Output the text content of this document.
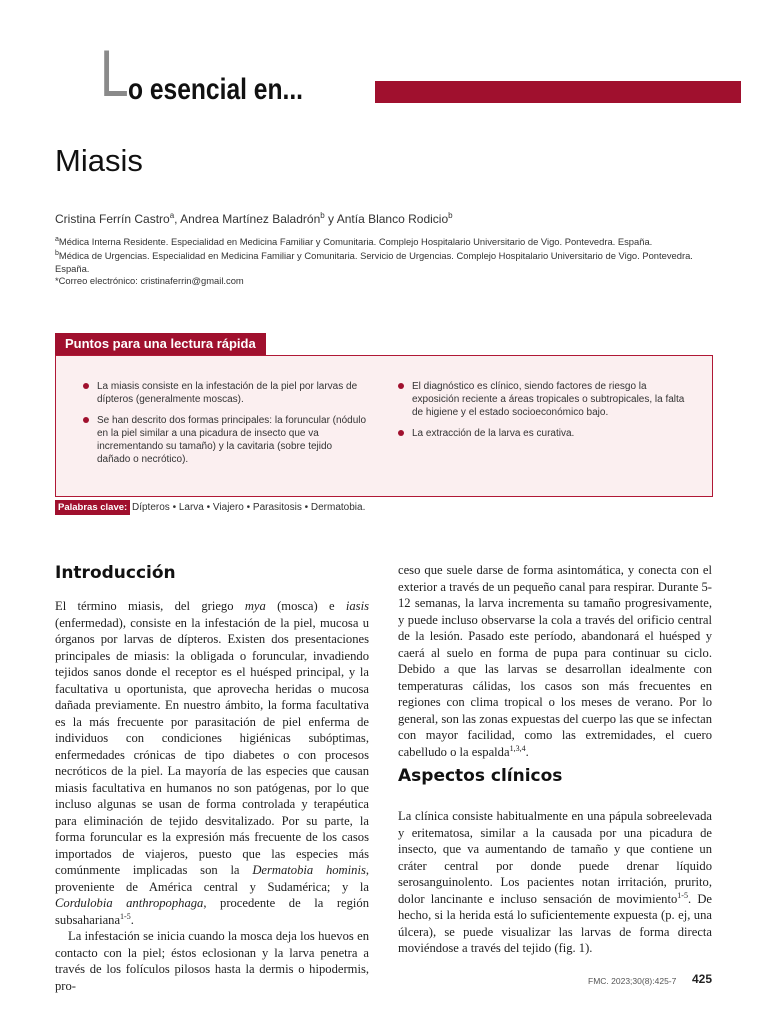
L o esencial en...
Miasis
Cristina Ferrín Castro$^a$, Andrea Martínez Baladrón$^b$ y Antía Blanco Rodicio$^b$
$^a$Médica Interna Residente. Especialidad en Medicina Familiar y Comunitaria. Complejo Hospitalario Universitario de Vigo. Pontevedra. España.
$^b$Médica de Urgencias. Especialidad en Medicina Familiar y Comunitaria. Servicio de Urgencias. Complejo Hospitalario Universitario de Vigo. Pontevedra. España.
*Correo electrónico: cristinaferrin@gmail.com
Puntos para una lectura rápida
La miasis consiste en la infestación de la piel por larvas de dípteros (generalmente moscas).
Se han descrito dos formas principales: la foruncular (nódulo en la piel similar a una picadura de insecto que va incrementando su tamaño) y la cavitaria (sobre tejido dañado o necrótico).
El diagnóstico es clínico, siendo factores de riesgo la exposición reciente a áreas tropicales o subtropicales, la falta de higiene y el estado socioeconómico bajo.
La extracción de la larva es curativa.
Palabras clave: Dípteros • Larva • Viajero • Parasitosis • Dermatobia.
Introducción

El término miasis, del griego mya (mosca) e iasis (enfermedad), consiste en la infestación de la piel, mucosa u órganos por larvas de dípteros. Existen dos presentaciones principales de miasis: la obligada o foruncular, invadiendo tejidos sanos donde el receptor es el huésped principal, y la facultativa u oportunista, que aprovecha heridas o mucosa dañada previamente. En nuestro ámbito, la forma facultativa es la más frecuente por parasitación de piel enferma de individuos con condiciones higiénicas subóptimas, enfermedades crónicas de tipo diabetes o con procesos necróticos de la piel. La mayoría de las especies que causan miasis facultativa en humanos no son patógenas, por lo que incluso algunas se usan de forma controlada y terapéutica para eliminación de tejido desvitalizado. Por su parte, la forma foruncular es la expresión más frecuente de los casos importados de viajeros, puesto que las especies más comúnmente implicadas son la Dermatobia hominis, proveniente de América central y Sudamérica; y la Cordulobia anthropophaga, procedente de la región subsahariana$^{1-5}$.

La infestación se inicia cuando la mosca deja los huevos en contacto con la piel; éstos eclosionan y la larva penetra a través de los folículos pilosos hasta la dermis o hipodermis, pro-

ceso que suele darse de forma asintomática, y conecta con el exterior a través de un pequeño canal para respirar. Durante 5-12 semanas, la larva incrementa su tamaño progresivamente, y puede incluso observarse la cola a través del orificio central de la lesión. Pasado este período, abandonará el huésped y caerá al suelo en forma de pupa para continuar su ciclo. Debido a que las larvas se desarrollan idealmente con temperaturas cálidas, los casos son más frecuentes en regiones con clima tropical o los meses de verano. Por lo general, son las zonas expuestas del cuerpo las que se infectan con mayor facilidad, como las extremidades, el cuero cabelludo o la espalda$^{1,3,4}$.

Aspectos clínicos

La clínica consiste habitualmente en una pápula sobreelevada y eritematosa, similar a la causada por una picadura de insecto, que va aumentando de tamaño y que contiene un cráter central por donde puede drenar líquido serosanguinolento. Los pacientes notan irritación, prurito, dolor lancinante e incluso sensación de movimiento$^{1-5}$. De hecho, si la herida está lo suficientemente expuesta (p. ej, una úlcera), se puede visualizar las larvas de forma directa moviéndose a través del tejido (fig. 1).

FMC. 2023;30(8):425-7 425
